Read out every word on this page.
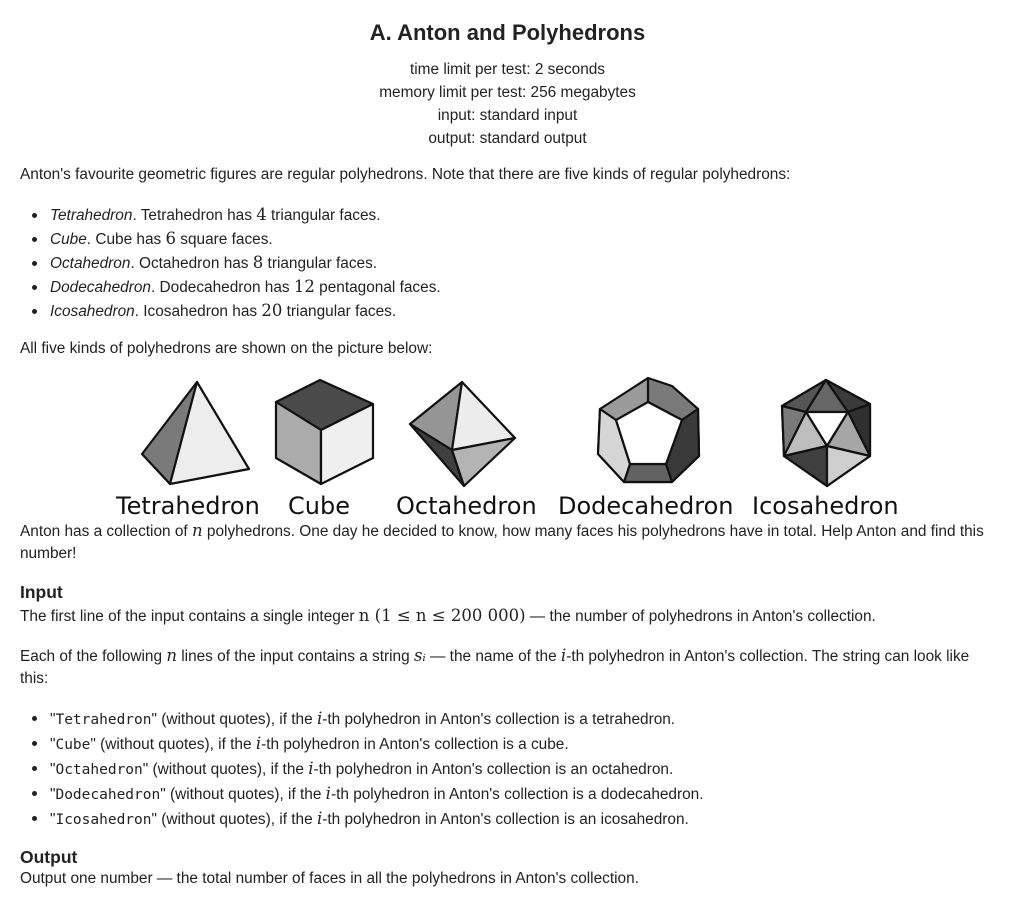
A. Anton and Polyhedrons
time limit per test: 2 seconds
memory limit per test: 256 megabytes
input: standard input
output: standard output
Anton's favourite geometric figures are regular polyhedrons. Note that there are five kinds of regular polyhedrons:
Tetrahedron. Tetrahedron has 4 triangular faces.
Cube. Cube has 6 square faces.
Octahedron. Octahedron has 8 triangular faces.
Dodecahedron. Dodecahedron has 12 pentagonal faces.
Icosahedron. Icosahedron has 20 triangular faces.
All five kinds of polyhedrons are shown on the picture below:
Tetrahedron Cube Octahedron Dodecahedron Icosahedron
Anton has a collection of n polyhedrons. One day he decided to know, how many faces his polyhedrons have in total. Help Anton and find this number!
Input
The first line of the input contains a single integer n (1 ≤ n ≤ 200 000) — the number of polyhedrons in Anton's collection.
Each of the following n lines of the input contains a string sᵢ — the name of the i-th polyhedron in Anton's collection. The string can look like this:
"Tetrahedron" (without quotes), if the i-th polyhedron in Anton's collection is a tetrahedron.
"Cube" (without quotes), if the i-th polyhedron in Anton's collection is a cube.
"Octahedron" (without quotes), if the i-th polyhedron in Anton's collection is an octahedron.
"Dodecahedron" (without quotes), if the i-th polyhedron in Anton's collection is a dodecahedron.
"Icosahedron" (without quotes), if the i-th polyhedron in Anton's collection is an icosahedron.
Output
Output one number — the total number of faces in all the polyhedrons in Anton's collection.
